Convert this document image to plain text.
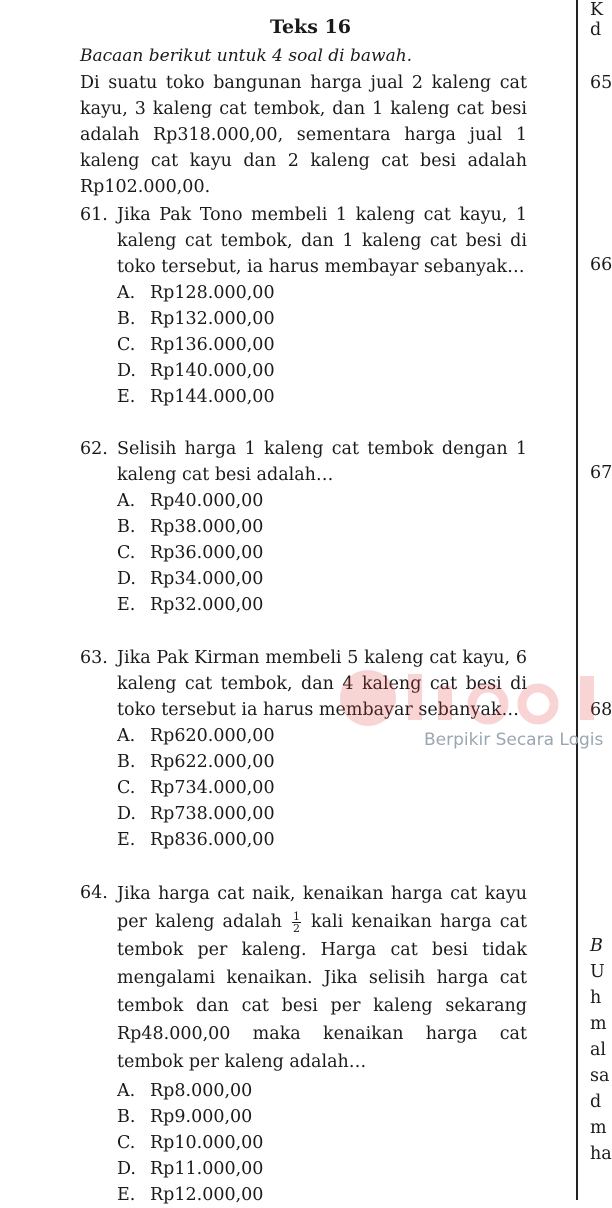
Teks 16
Bacaan berikut untuk 4 soal di bawah.
Di suatu toko bangunan harga jual 2 kaleng cat kayu, 3 kaleng cat tembok, dan 1 kaleng cat besi adalah Rp318.000,00, sementara harga jual 1 kaleng cat kayu dan 2 kaleng cat besi adalah Rp102.000,00.
61. Jika Pak Tono membeli 1 kaleng cat kayu, 1 kaleng cat tembok, dan 1 kaleng cat besi di toko tersebut, ia harus membayar sebanyak…
A. Rp128.000,00
B. Rp132.000,00
C. Rp136.000,00
D. Rp140.000,00
E. Rp144.000,00
62. Selisih harga 1 kaleng cat tembok dengan 1 kaleng cat besi adalah…
A. Rp40.000,00
B. Rp38.000,00
C. Rp36.000,00
D. Rp34.000,00
E. Rp32.000,00
63. Jika Pak Kirman membeli 5 kaleng cat kayu, 6 kaleng cat tembok, dan 4 kaleng cat besi di toko tersebut ia harus membayar sebanyak…
A. Rp620.000,00
B. Rp622.000,00
C. Rp734.000,00
D. Rp738.000,00
E. Rp836.000,00
64. Jika harga cat naik, kenaikan harga cat kayu per kaleng adalah $\frac{1}{2}$ kali kenaikan harga cat tembok per kaleng. Harga cat besi tidak mengalami kenaikan. Jika selisih harga cat tembok dan cat besi per kaleng sekarang Rp48.000,00 maka kenaikan harga cat tembok per kaleng adalah…
A. Rp8.000,00
B. Rp9.000,00
C. Rp10.000,00
D. Rp11.000,00
E. Rp12.000,00
K
d
65
66
67
68
B
U
h
m
al
sa
d
m
ha
Berpikir Secara Logis
